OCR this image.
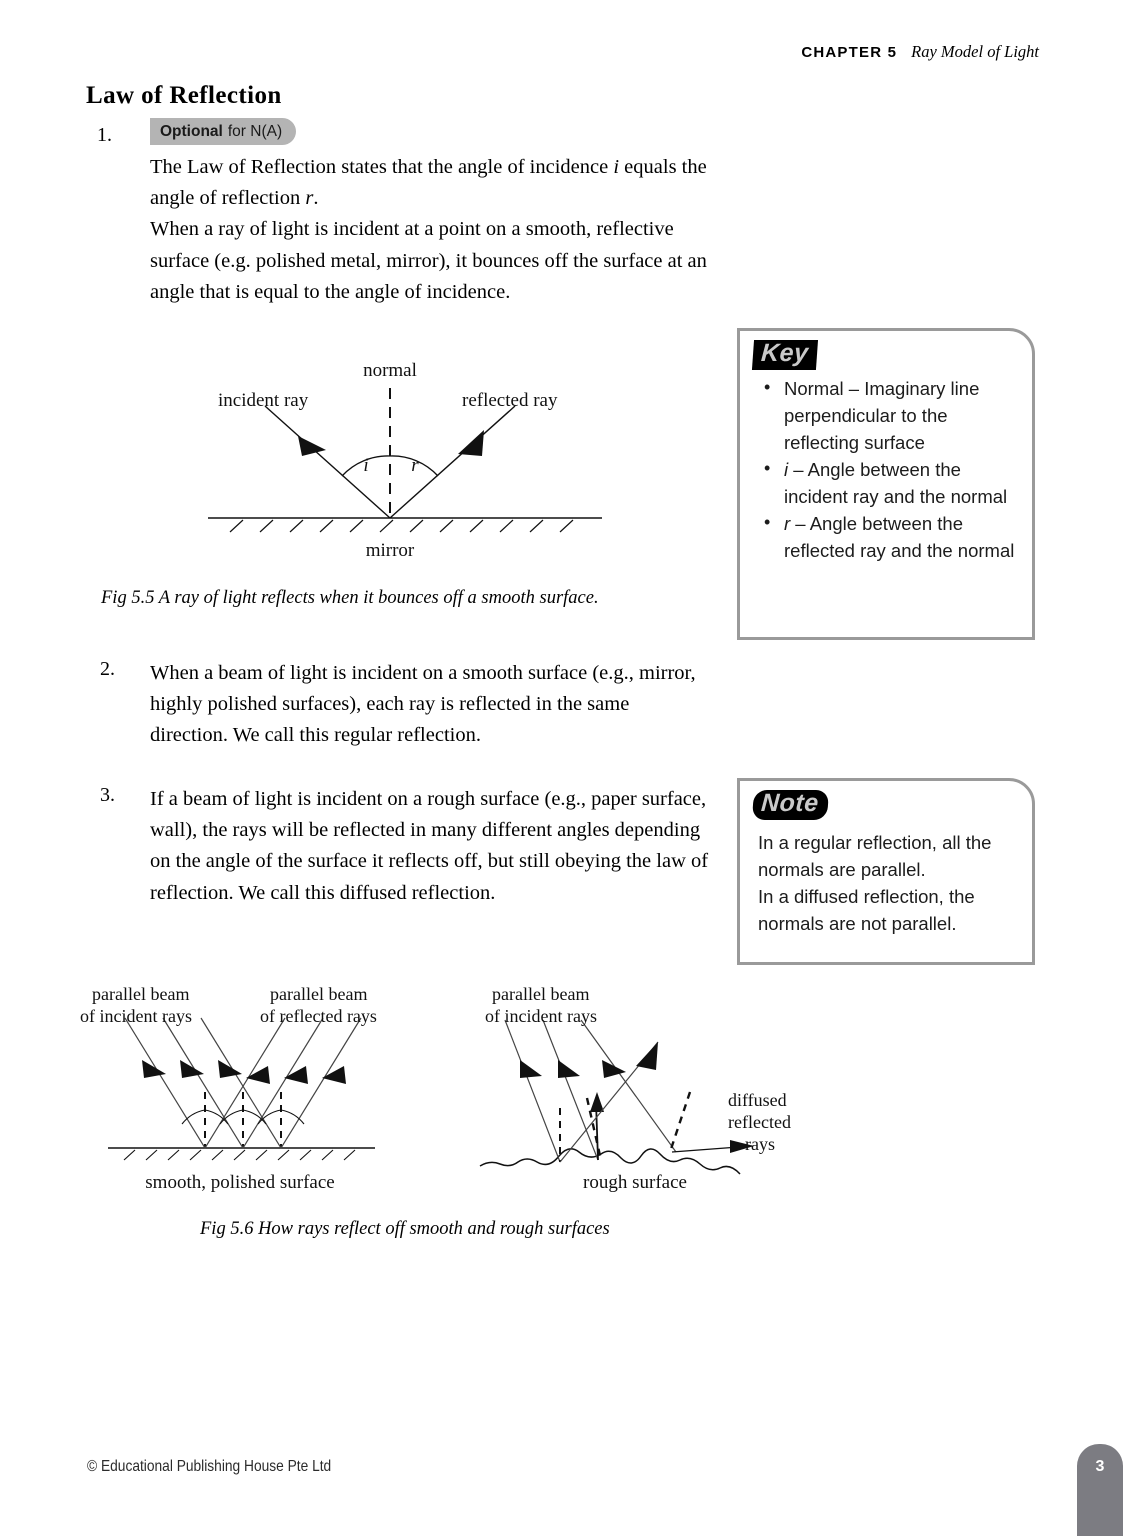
CHAPTER 5 Ray Model of Light
Law of Reflection
1.	Optional for N(A)
The Law of Reflection states that the angle of incidence i equals the angle of reflection r.
When a ray of light is incident at a point on a smooth, reflective surface (e.g. polished metal, mirror), it bounces off the surface at an angle that is equal to the angle of incidence.
normal
incident ray	reflected ray
i r
mirror
Fig 5.5 A ray of light reflects when it bounces off a smooth surface.
2. When a beam of light is incident on a smooth surface (e.g., mirror, highly polished surfaces), each ray is reflected in the same direction. We call this regular reflection.
3. If a beam of light is incident on a rough surface (e.g., paper surface, wall), the rays will be reflected in many different angles depending on the angle of the surface it reflects off, but still obeying the law of reflection. We call this diffused reflection.
Key
• Normal – Imaginary line perpendicular to the reflecting surface
• i – Angle between the incident ray and the normal
• r – Angle between the reflected ray and the normal
Note

In a regular reflection, all the normals are parallel.

In a diffused reflection, the normals are not parallel.

parallel beam
of incident rays
parallel beam
of reflected rays
smooth, polished surface
parallel beam
of incident rays
diffused
reflected
rays
rough surface
Fig 5.6 How rays reflect off smooth and rough surfaces
© Educational Publishing House Pte Ltd	3
